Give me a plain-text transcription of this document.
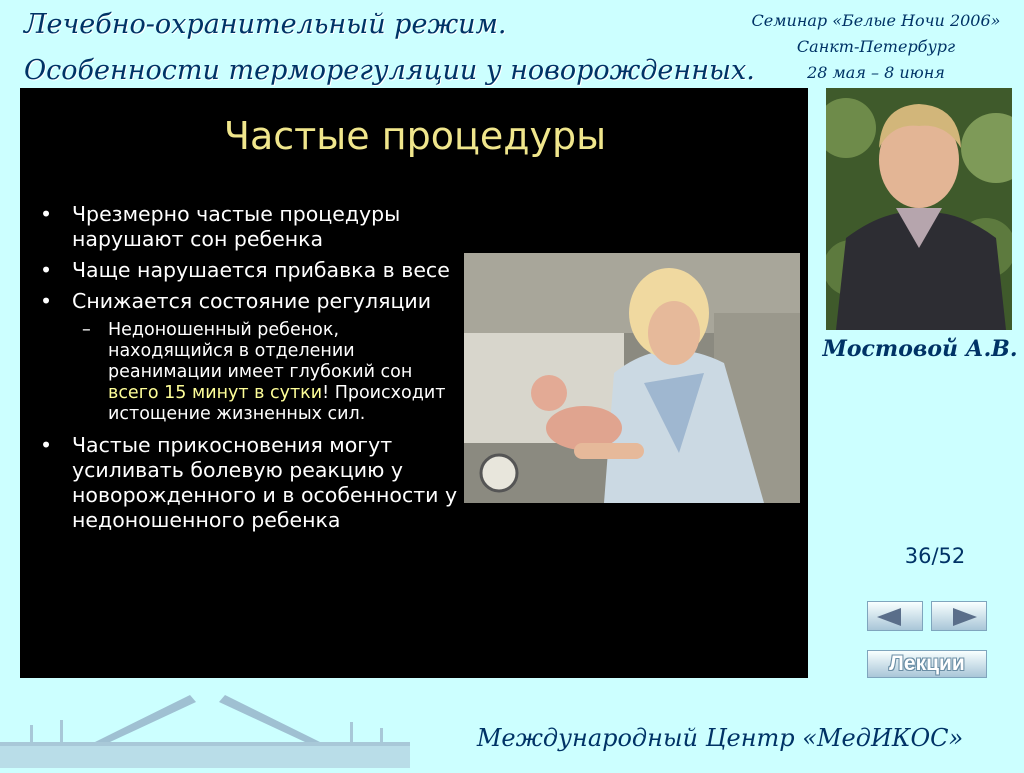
Лечебно-охранительный режим.
Особенности терморегуляции у новорожденных.
Семинар «Белые Ночи 2006»
Санкт-Петербург
28 мая – 8 июня
Частые процедуры
• Чрезмерно частые процедуры нарушают сон ребенка
• Чаще нарушается прибавка в весе
• Снижается состояние регуляции
– Недоношенный ребенок, находящийся в отделении реанимации имеет глубокий сон всего 15 минут в сутки! Происходит истощение жизненных сил.
• Частые прикосновения могут усиливать болевую реакцию у новорожденного и в особенности у недоношенного ребенка
Мостовой А.В.
36/52
Лекции
Международный Центр «МедИКОС»
